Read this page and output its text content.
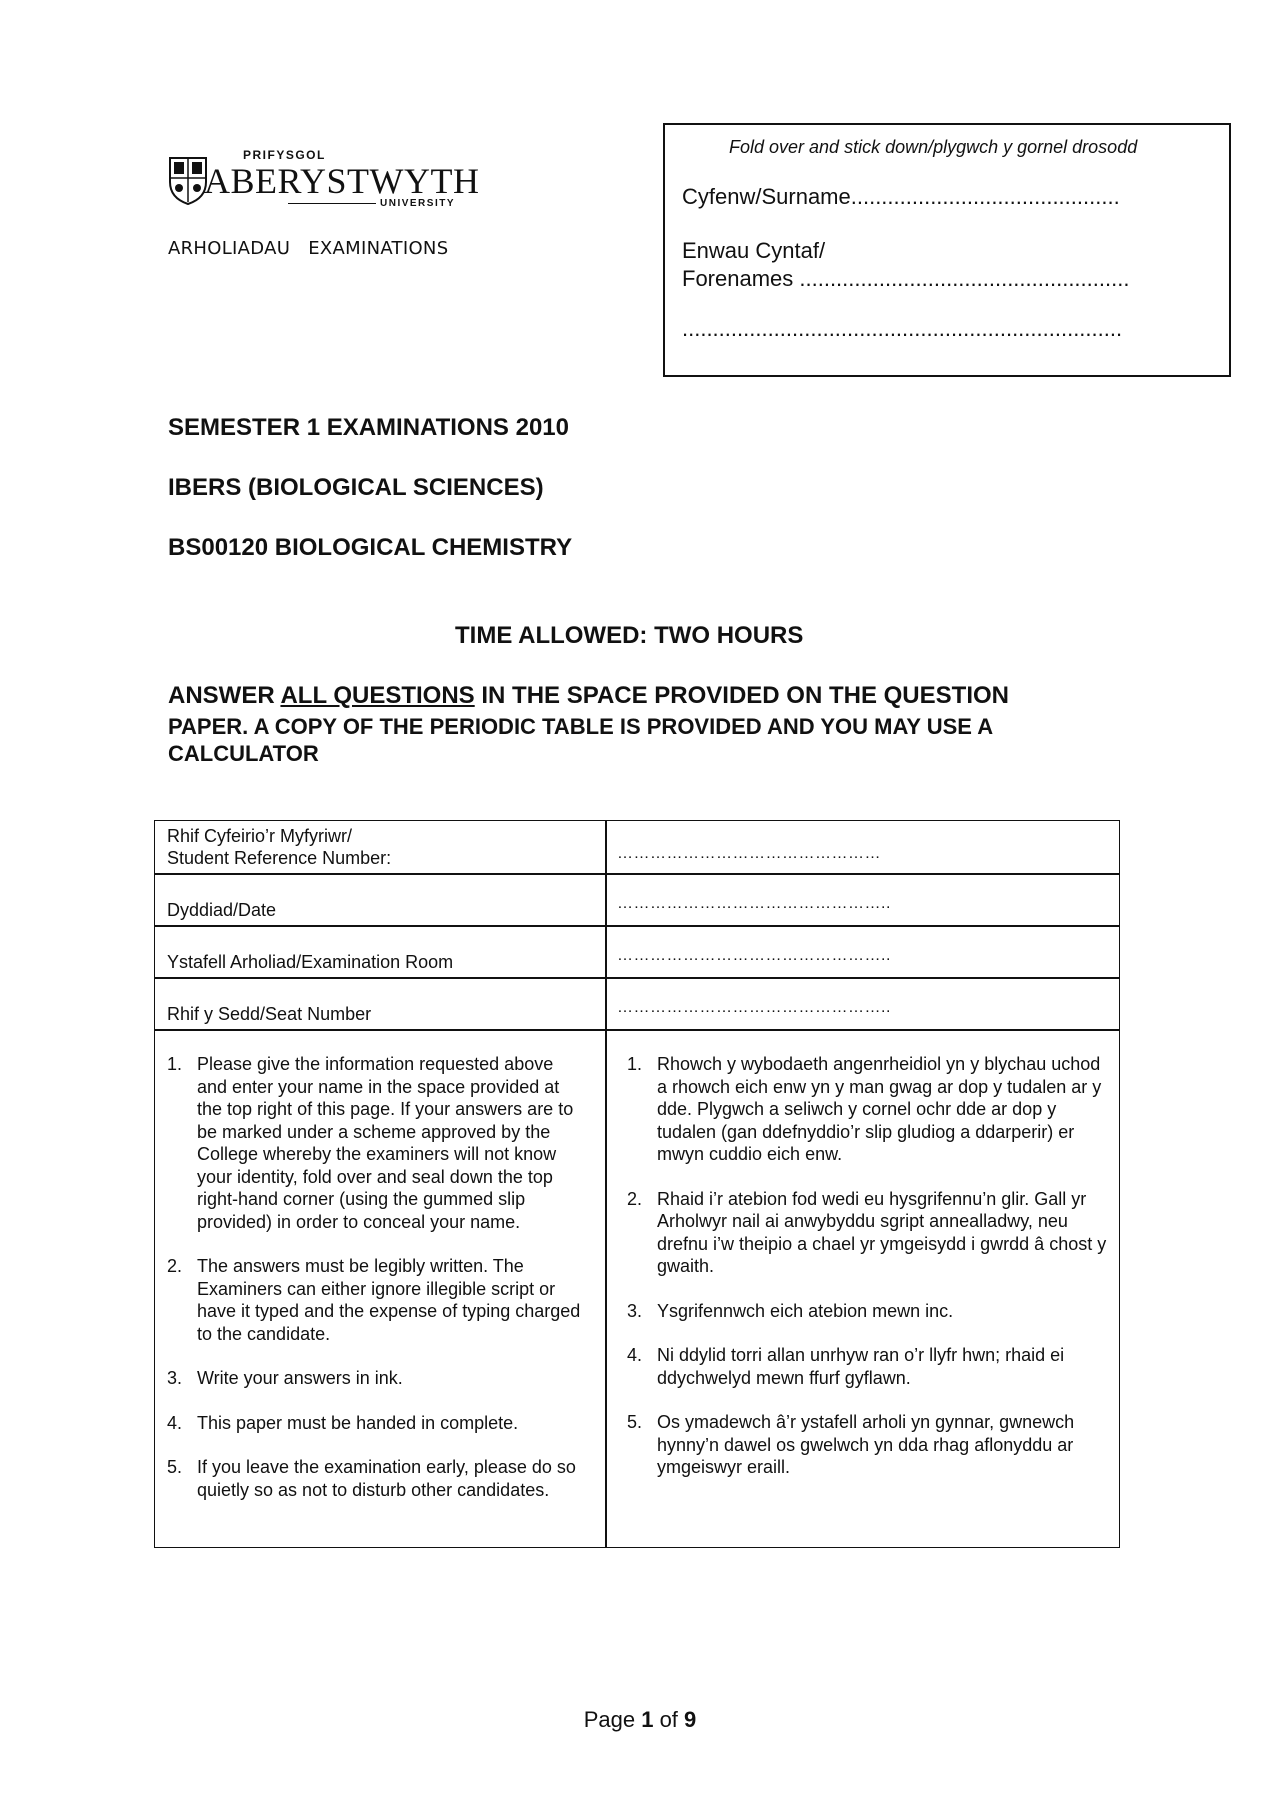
PRIFYSGOL
ABERYSTWYTH
UNIVERSITY
ARHOLIADAU EXAMINATIONS
Fold over and stick down/plygwch y gornel drosodd
Cyfenw/Surname............................................
Enwau Cyntaf/
Forenames ......................................................
........................................................................
SEMESTER 1 EXAMINATIONS 2010
IBERS (BIOLOGICAL SCIENCES)
BS00120 BIOLOGICAL CHEMISTRY
TIME ALLOWED: TWO HOURS
ANSWER ALL QUESTIONS IN THE SPACE PROVIDED ON THE QUESTION
PAPER. A COPY OF THE PERIODIC TABLE IS PROVIDED AND YOU MAY USE A CALCULATOR
Rhif Cyfeirio’r Myfyriwr/
Student Reference Number:	…………………………………………
Dyddiad/Date	…………………………………………..
Ystafell Arholiad/Examination Room	…………………………………………..
Rhif y Sedd/Seat Number	…………………………………………..
1. Please give the information requested above and enter your name in the space provided at the top right of this page. If your answers are to be marked under a scheme approved by the College whereby the examiners will not know your identity, fold over and seal down the top right-hand corner (using the gummed slip provided) in order to conceal your name.
2. The answers must be legibly written. The Examiners can either ignore illegible script or have it typed and the expense of typing charged to the candidate.
3. Write your answers in ink.
4. This paper must be handed in complete.
5. If you leave the examination early, please do so quietly so as not to disturb other candidates.
1. Rhowch y wybodaeth angenrheidiol yn y blychau uchod a rhowch eich enw yn y man gwag ar dop y tudalen ar y dde. Plygwch a seliwch y cornel ochr dde ar dop y tudalen (gan ddefnyddio’r slip gludiog a ddarperir) er mwyn cuddio eich enw.
2. Rhaid i’r atebion fod wedi eu hysgrifennu’n glir. Gall yr Arholwyr nail ai anwybyddu sgript annealladwy, neu drefnu i’w theipio a chael yr ymgeisydd i gwrdd â chost y gwaith.
3. Ysgrifennwch eich atebion mewn inc.
4. Ni ddylid torri allan unrhyw ran o’r llyfr hwn; rhaid ei ddychwelyd mewn ffurf gyflawn.
5. Os ymadewch â’r ystafell arholi yn gynnar, gwnewch hynny’n dawel os gwelwch yn dda rhag aflonyddu ar ymgeiswyr eraill.
Page 1 of 9
